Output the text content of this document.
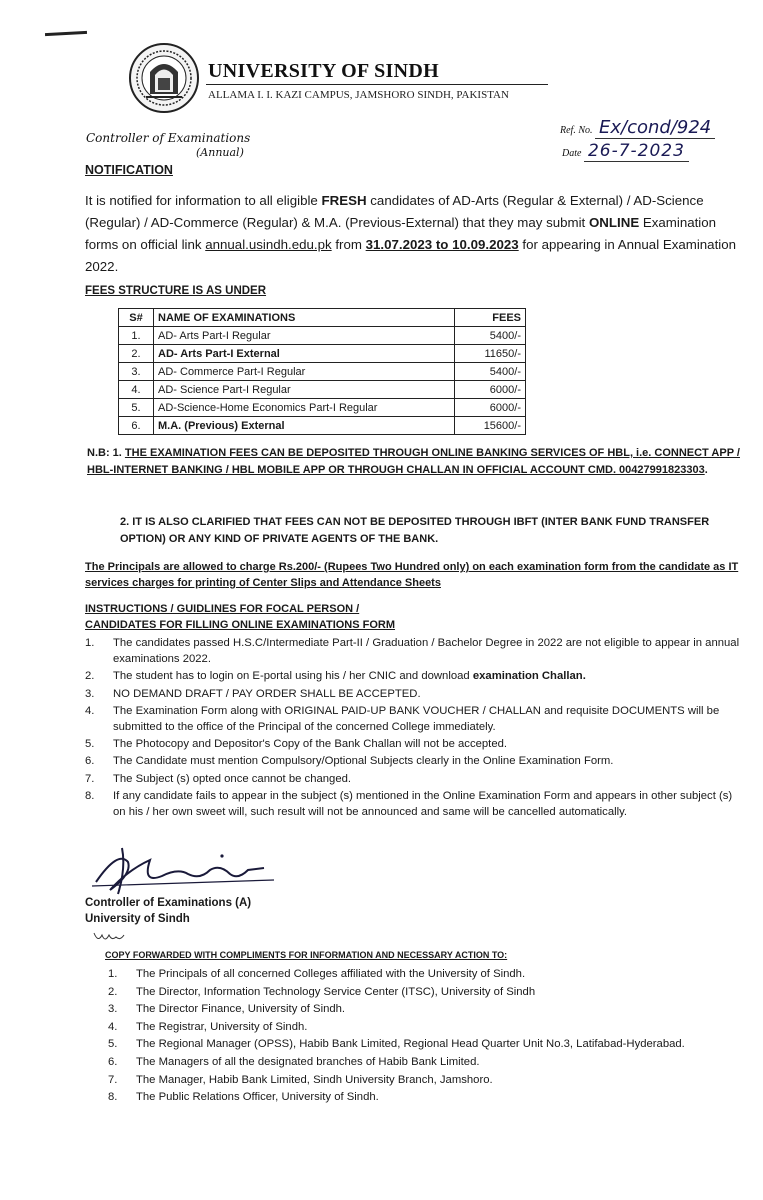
UNIVERSITY OF SINDH
ALLAMA I. I. KAZI CAMPUS, JAMSHORO SINDH, PAKISTAN
Controller of Examinations
(Annual)
Ref. No. Ex/cond/924
Date 26-7-2023
NOTIFICATION
It is notified for information to all eligible FRESH candidates of AD-Arts (Regular & External) / AD-Science (Regular) / AD-Commerce (Regular) & M.A. (Previous-External) that they may submit ONLINE Examination forms on official link annual.usindh.edu.pk from 31.07.2023 to 10.09.2023 for appearing in Annual Examination 2022.
FEES STRUCTURE IS AS UNDER
S#	NAME OF EXAMINATIONS	FEES
1.	AD- Arts Part-I Regular	5400/-
2.	AD- Arts Part-I External	11650/-
3.	AD- Commerce Part-I Regular	5400/-
4.	AD- Science Part-I Regular	6000/-
5.	AD-Science-Home Economics Part-I Regular	6000/-
6.	M.A. (Previous) External	15600/-
N.B: 1. THE EXAMINATION FEES CAN BE DEPOSITED THROUGH ONLINE BANKING SERVICES OF HBL, i.e. CONNECT APP / HBL-INTERNET BANKING / HBL MOBILE APP OR THROUGH CHALLAN IN OFFICIAL ACCOUNT CMD. 00427991823303.
2. IT IS ALSO CLARIFIED THAT FEES CAN NOT BE DEPOSITED THROUGH IBFT (INTER BANK FUND TRANSFER OPTION) OR ANY KIND OF PRIVATE AGENTS OF THE BANK.
The Principals are allowed to charge Rs.200/- (Rupees Two Hundred only) on each examination form from the candidate as IT services charges for printing of Center Slips and Attendance Sheets
INSTRUCTIONS / GUIDLINES FOR FOCAL PERSON /
CANDIDATES FOR FILLING ONLINE EXAMINATIONS FORM
1. The candidates passed H.S.C/Intermediate Part-II / Graduation / Bachelor Degree in 2022 are not eligible to appear in annual examinations 2022.
2. The student has to login on E-portal using his / her CNIC and download examination Challan.
3. NO DEMAND DRAFT / PAY ORDER SHALL BE ACCEPTED.
4. The Examination Form along with ORIGINAL PAID-UP BANK VOUCHER / CHALLAN and requisite DOCUMENTS will be submitted to the office of the Principal of the concerned College immediately.
5. The Photocopy and Depositor's Copy of the Bank Challan will not be accepted.
6. The Candidate must mention Compulsory/Optional Subjects clearly in the Online Examination Form.
7. The Subject (s) opted once cannot be changed.
8. If any candidate fails to appear in the subject (s) mentioned in the Online Examination Form and appears in other subject (s) on his / her own sweet will, such result will not be announced and same will be cancelled automatically.
Controller of Examinations (A)
University of Sindh
COPY FORWARDED WITH COMPLIMENTS FOR INFORMATION AND NECESSARY ACTION TO:
1. The Principals of all concerned Colleges affiliated with the University of Sindh.
2. The Director, Information Technology Service Center (ITSC), University of Sindh
3. The Director Finance, University of Sindh.
4. The Registrar, University of Sindh.
5. The Regional Manager (OPSS), Habib Bank Limited, Regional Head Quarter Unit No.3, Latifabad-Hyderabad.
6. The Managers of all the designated branches of Habib Bank Limited.
7. The Manager, Habib Bank Limited, Sindh University Branch, Jamshoro.
8. The Public Relations Officer, University of Sindh.
